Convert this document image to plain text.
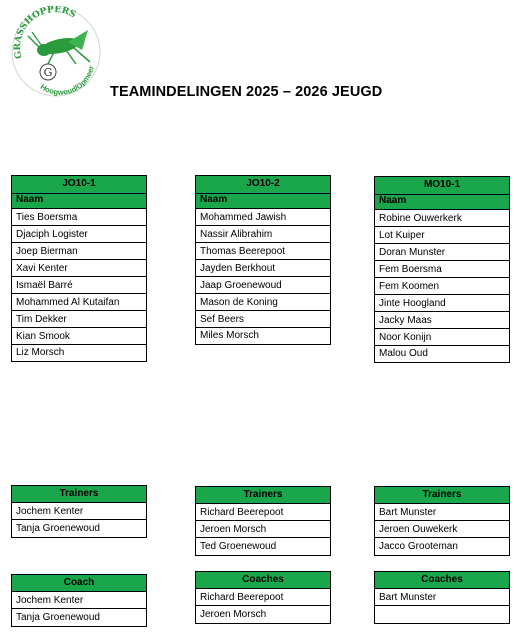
GRASSHOPPERS
G
Hoogwoud/Opmeer
TEAMINDELINGEN 2025 – 2026 JEUGD
JO10-1
Naam
Ties Boersma
Djaciph Logister
Joep Bierman
Xavi Kenter
Ismaël Barré
Mohammed Al Kutaifan
Tim Dekker
Kian Smook
Liz Morsch
Trainers
Jochem Kenter
Tanja Groenewoud
Coach
Jochem Kenter
Tanja Groenewoud
JO10-2
Naam
Mohammed Jawish
Nassir Alibrahim
Thomas Beerepoot
Jayden Berkhout
Jaap Groenewoud
Mason de Koning
Sef Beers
Miles Morsch
Trainers
Richard Beerepoot
Jeroen Morsch
Ted Groenewoud
Coaches
Richard Beerepoot
Jeroen Morsch
MO10-1
Naam
Robine Ouwerkerk
Lot Kuiper
Doran Munster
Fem Boersma
Fem Koomen
Jinte Hoogland
Jacky Maas
Noor Konijn
Malou Oud
Trainers
Bart Munster
Jeroen Ouwekerk
Jacco Grooteman
Coaches
Bart Munster
